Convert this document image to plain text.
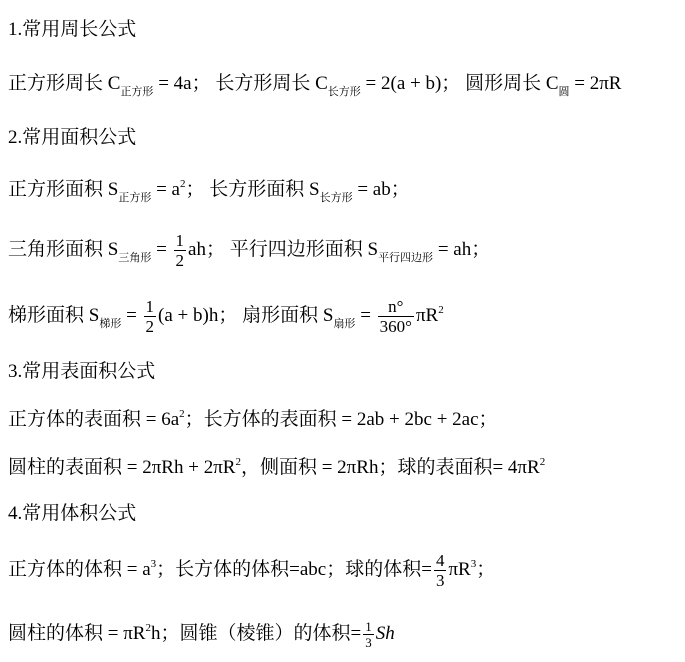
1.常用周长公式
正方形周长 $C_{正方形} = 4a$； 长方形周长 $C_{长方形} = 2(a + b)$； 圆形周长 $C_圆 = 2\pi R$
2.常用面积公式
正方形面积 $S_{正方形} = a^2$； 长方形面积 $S_{长方形}$ = ab；
三角形面积 $S_{三角形} = \frac{1}{2}$ ah； 平行四边形面积 $S_{平行四边形}$ = ah；
梯形面积 $S_{梯形} = \frac{1}{2} (a + b)h$； 扇形面积 $S_{扇形} = \frac{n^\circ}{360^\circ} \pi R^2$
3.常用表面积公式
正方体的表面积 = $6a^2$；长方体的表面积 = 2ab + 2bc + 2ac；
圆柱的表面积 = $2\pi Rh + 2\pi R^2$，侧面积 = 2πRh；球的表面积= $4\pi R^2$
4.常用体积公式
正方体的体积 = $a^3$；长方体的体积=abc；球的体积= $\frac{4}{3} \pi R^3$；
圆柱的体积 = $\pi R^2h$；圆锥（棱锥）的体积= $\frac{1}{3}$ Sh
